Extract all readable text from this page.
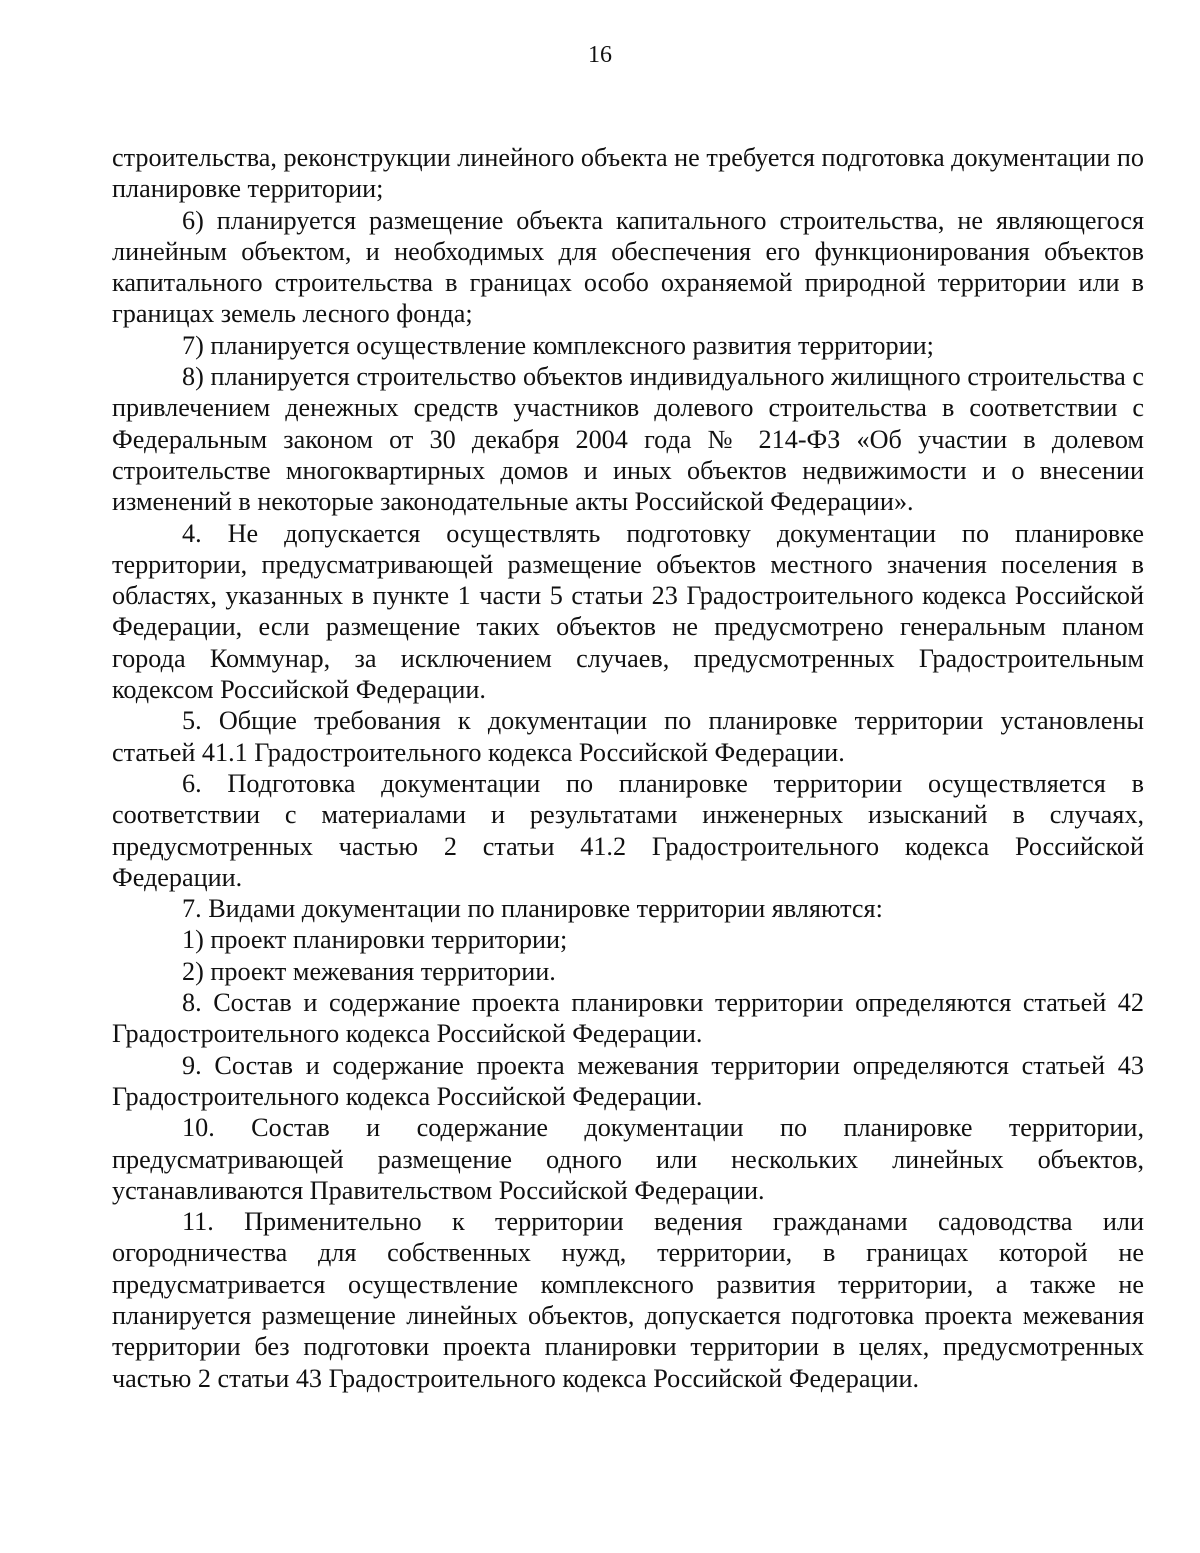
16

строительства, реконструкции линейного объекта не требуется подготовка документации по планировке территории;

6) планируется размещение объекта капитального строительства, не являющегося линейным объектом, и необходимых для обеспечения его функционирования объектов капитального строительства в границах особо охраняемой природной территории или в границах земель лесного фонда;

7) планируется осуществление комплексного развития территории;

8) планируется строительство объектов индивидуального жилищного строительства с привлечением денежных средств участников долевого строительства в соответствии с Федеральным законом от 30 декабря 2004 года № 214-ФЗ «Об участии в долевом строительстве многоквартирных домов и иных объектов недвижимости и о внесении изменений в некоторые законодательные акты Российской Федерации».

4. Не допускается осуществлять подготовку документации по планировке территории, предусматривающей размещение объектов местного значения поселения в областях, указанных в пункте 1 части 5 статьи 23 Градостроительного кодекса Российской Федерации, если размещение таких объектов не предусмотрено генеральным планом города Коммунар, за исключением случаев, предусмотренных Градостроительным кодексом Российской Федерации.

5. Общие требования к документации по планировке территории установлены статьей 41.1 Градостроительного кодекса Российской Федерации.

6. Подготовка документации по планировке территории осуществляется в соответствии с материалами и результатами инженерных изысканий в случаях, предусмотренных частью 2 статьи 41.2 Градостроительного кодекса Российской Федерации.

7. Видами документации по планировке территории являются:

1) проект планировки территории;

2) проект межевания территории.

8. Состав и содержание проекта планировки территории определяются статьей 42 Градостроительного кодекса Российской Федерации.

9. Состав и содержание проекта межевания территории определяются статьей 43 Градостроительного кодекса Российской Федерации.

10. Состав и содержание документации по планировке территории, предусматривающей размещение одного или нескольких линейных объектов, устанавливаются Правительством Российской Федерации.

11. Применительно к территории ведения гражданами садоводства или огородничества для собственных нужд, территории, в границах которой не предусматривается осуществление комплексного развития территории, а также не планируется размещение линейных объектов, допускается подготовка проекта межевания территории без подготовки проекта планировки территории в целях, предусмотренных частью 2 статьи 43 Градостроительного кодекса Российской Федерации.
